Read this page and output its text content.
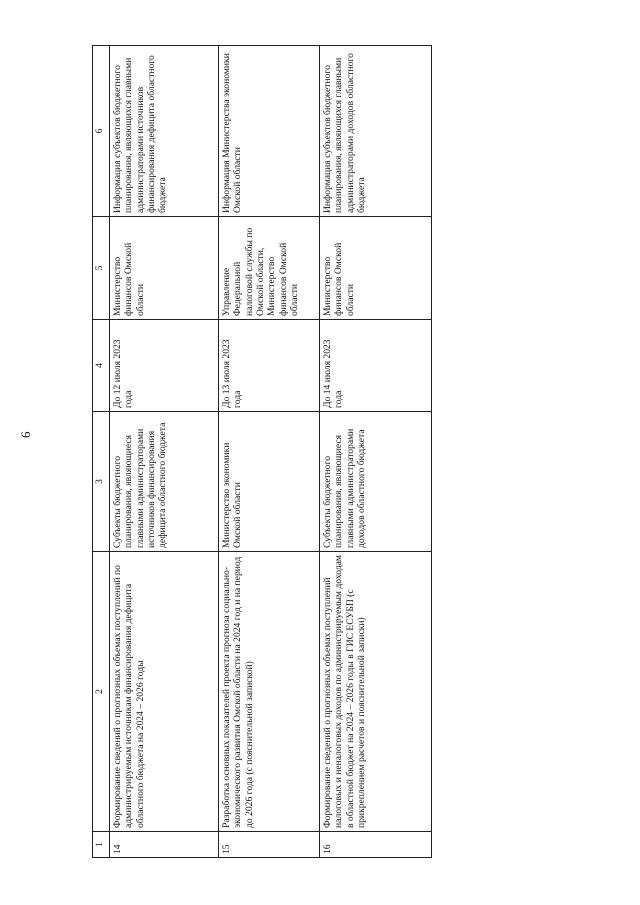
6
1	2	3	4	5	6
14	Формирование сведений о прогнозных объемах поступлений по администрируемым источникам финансирования дефицита областного бюджета на 2024 – 2026 годы	Субъекты бюджетного планирования, являющиеся главными администраторами источников финансирования дефицита областного бюджета	До 12 июля 2023 года	Министерство финансов Омской области	Информация субъектов бюджетного планирования, являющихся главными администраторами источников финансирования дефицита областного бюджета
15	Разработка основных показателей проекта прогноза социально-экономического развития Омской области на 2024 год и на период до 2026 года (с пояснительной запиской)	Министерство экономики Омской области	До 13 июля 2023 года	Управление Федеральной налоговой службы по Омской области, Министерство финансов Омской области	Информация Министерства экономики Омской области
16	Формирование сведений о прогнозных объемах поступлений налоговых и неналоговых доходов по администрируемым доходам в областной бюджет на 2024 – 2026 годы в ГИС ЕСУБП (с прикреплением расчетов и пояснительной записки)	Субъекты бюджетного планирования, являющиеся главными администраторами доходов областного бюджета	До 14 июля 2023 года	Министерство финансов Омской области	Информация субъектов бюджетного планирования, являющихся главными администраторами доходов областного бюджета
